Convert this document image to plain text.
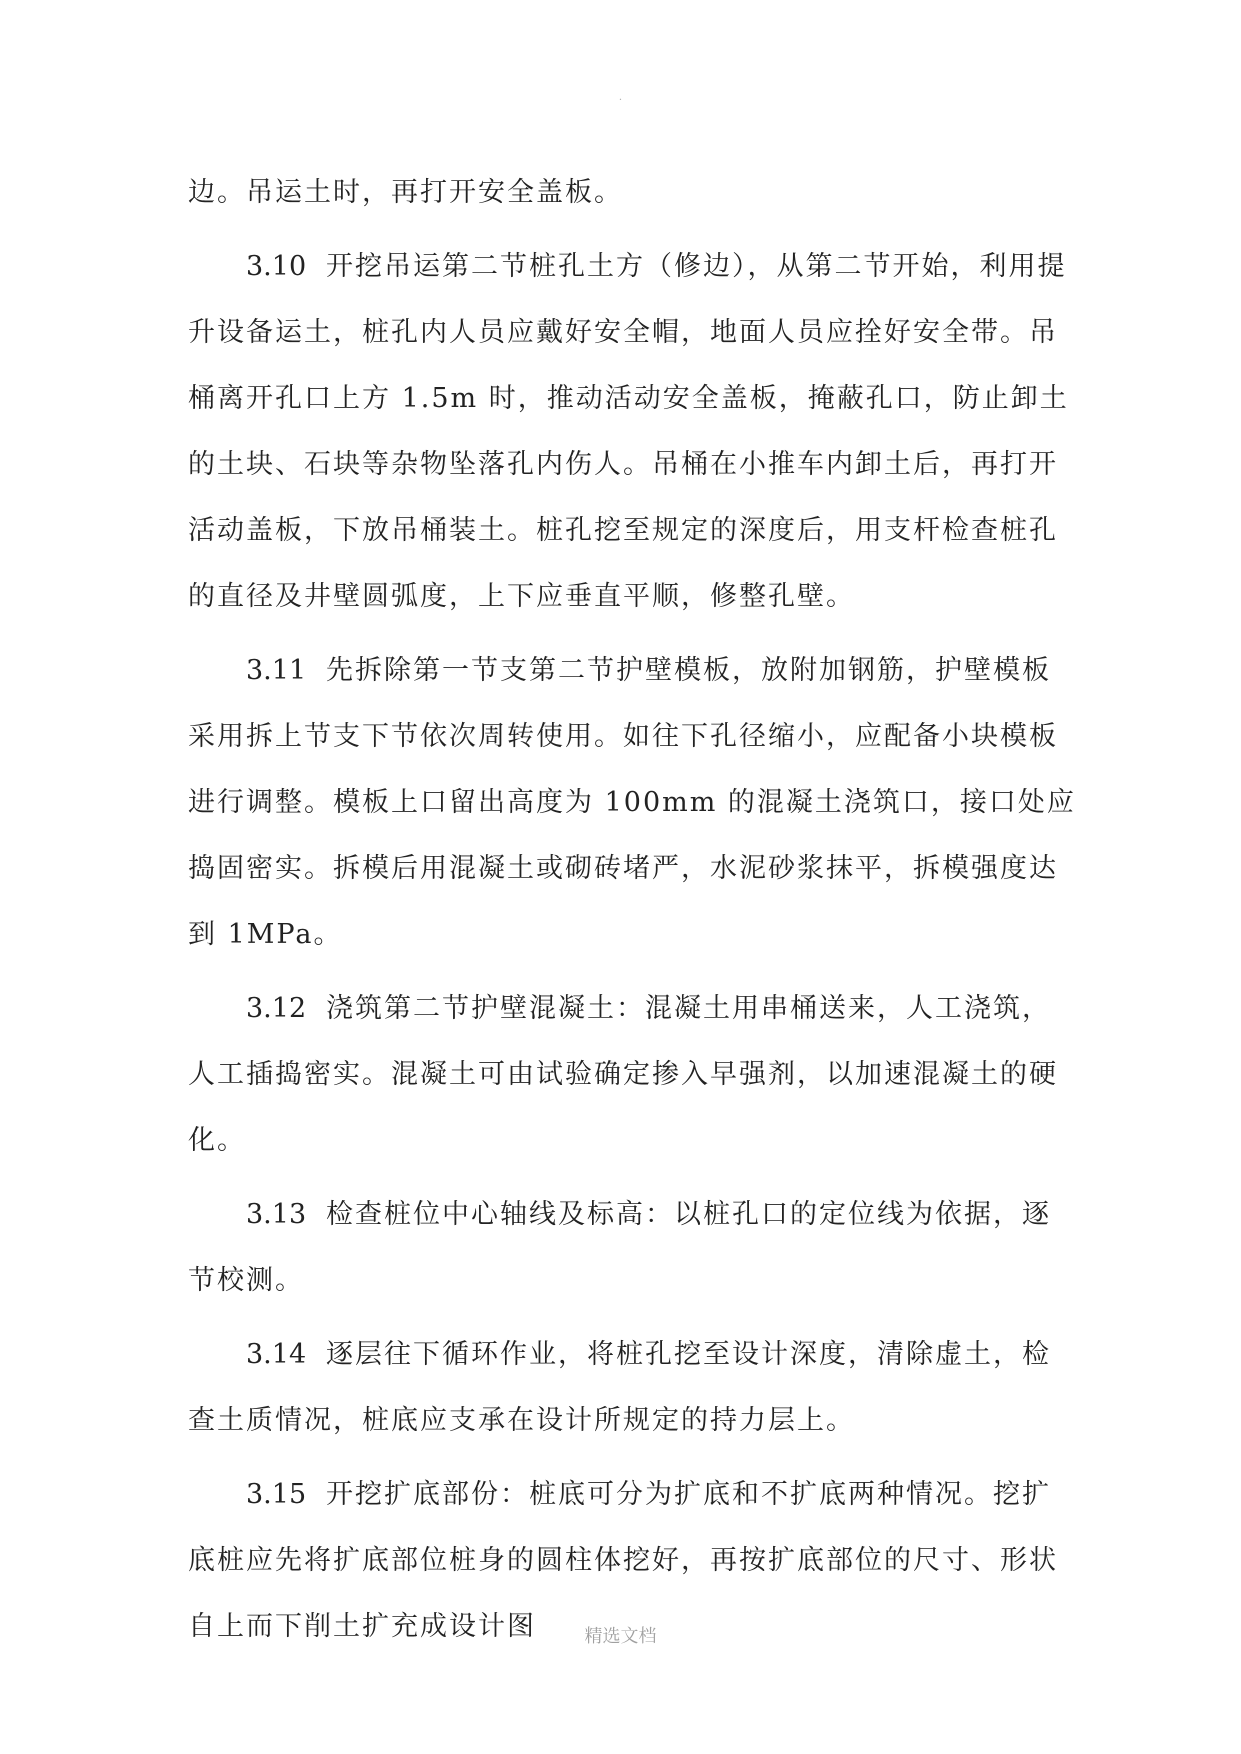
.
边。吊运土时，再打开安全盖板。
3.10 开挖吊运第二节桩孔土方（修边），从第二节开始，利用提
升设备运土，桩孔内人员应戴好安全帽，地面人员应拴好安全带。吊
桶离开孔口上方 1.5m 时，推动活动安全盖板，掩蔽孔口，防止卸土
的土块、石块等杂物坠落孔内伤人。吊桶在小推车内卸土后，再打开
活动盖板，下放吊桶装土。桩孔挖至规定的深度后，用支杆检查桩孔
的直径及井壁圆弧度，上下应垂直平顺，修整孔壁。
3.11 先拆除第一节支第二节护壁模板，放附加钢筋，护壁模板
采用拆上节支下节依次周转使用。如往下孔径缩小，应配备小块模板
进行调整。模板上口留出高度为 100mm 的混凝土浇筑口，接口处应
捣固密实。拆模后用混凝土或砌砖堵严，水泥砂浆抹平，拆模强度达
到 1MPa。
3.12 浇筑第二节护壁混凝土：混凝土用串桶送来，人工浇筑，
人工插捣密实。混凝土可由试验确定掺入早强剂，以加速混凝土的硬
化。
3.13 检查桩位中心轴线及标高：以桩孔口的定位线为依据，逐
节校测。
3.14 逐层往下循环作业，将桩孔挖至设计深度，清除虚土，检
查土质情况，桩底应支承在设计所规定的持力层上。
3.15 开挖扩底部份：桩底可分为扩底和不扩底两种情况。挖扩
底桩应先将扩底部位桩身的圆柱体挖好，再按扩底部位的尺寸、形状
自上而下削土扩充成设计图	精选文档
